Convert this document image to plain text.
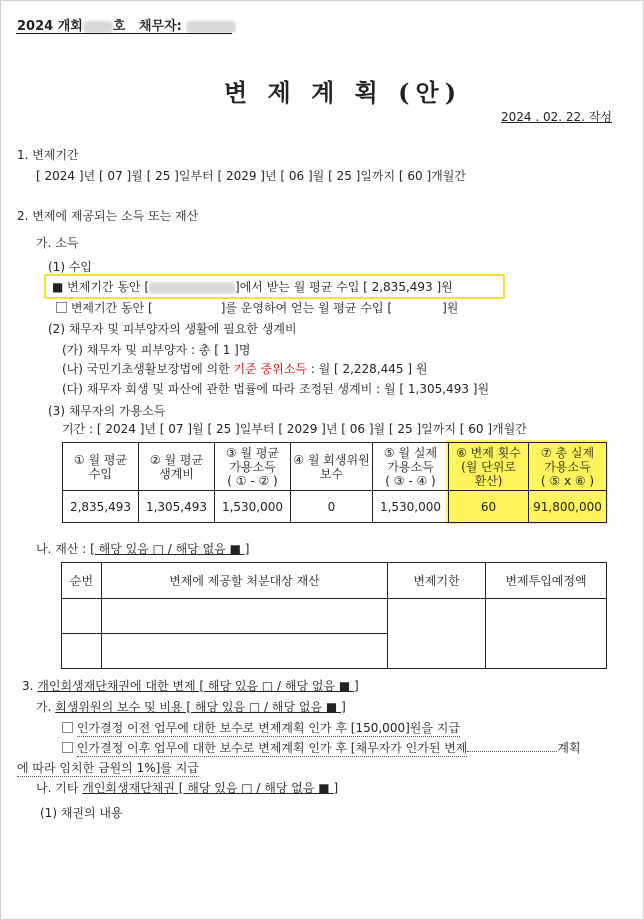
2024 개회 호 채무자:
변 제 계 획 (안)
2024 . 02. 22. 작성
1. 변제기간
[ 2024 ]년 [ 07 ]월 [ 25 ]일부터 [ 2029 ]년 [ 06 ]월 [ 25 ]일까지 [ 60 ]개월간
2. 변제에 제공되는 소득 또는 재산
가. 소득
(1) 수입
■ 변제기간 동안 [	]에서 받는 월 평균 수입 [ 2,835,493 ]원
변제기간 동안 [	]를 운영하여 얻는 월 평균 수입 [	]원
(2) 채무자 및 피부양자의 생활에 필요한 생계비
(가) 채무자 및 피부양자 : 총 [ 1 ]명
(나) 국민기초생활보장법에 의한 기준 중위소득 : 월 [ 2,228,445 ] 원
(다) 채무자 회생 및 파산에 관한 법률에 따라 조정된 생계비 : 월 [ 1,305,493 ]원
(3) 채무자의 가용소득
기간 : [ 2024 ]년 [ 07 ]월 [ 25 ]일부터 [ 2029 ]년 [ 06 ]월 [ 25 ]일까지 [ 60 ]개월간
① 월 평균
수입	② 월 평균
생계비	③ 월 평균
가용소득
( ① - ② )	④ 월 회생위원
보수	⑤ 월 실제
가용소득
( ③ - ④ )	⑥ 변제 횟수
(월 단위로
환산)	⑦ 총 실제
가용소득
( ⑤ x ⑥ )
2,835,493	1,305,493	1,530,000	0	1,530,000	60	91,800,000
나. 재산 : [ 해당 있음 □ / 해당 없음 ■ ]
순번	변제에 제공할 처분대상 재산	변제기한	변제투입예정액

3. 개인회생재단채권에 대한 변제 [ 해당 있음 □ / 해당 없음 ■ ]
가. 회생위원의 보수 및 비용 [ 해당 있음 □ / 해당 없음 ■ ]
인가결정 이전 업무에 대한 보수로 변제계획 인가 후 [150,000]원을 지급
인가결정 이후 업무에 대한 보수로 변제계획 인가 후 [채무자가 인가된 변제	계획
에 따라 임치한 금원의 1%]를 지급
나. 기타 개인회생재단채권 [ 해당 있음 □ / 해당 없음 ■ ]
(1) 채권의 내용
